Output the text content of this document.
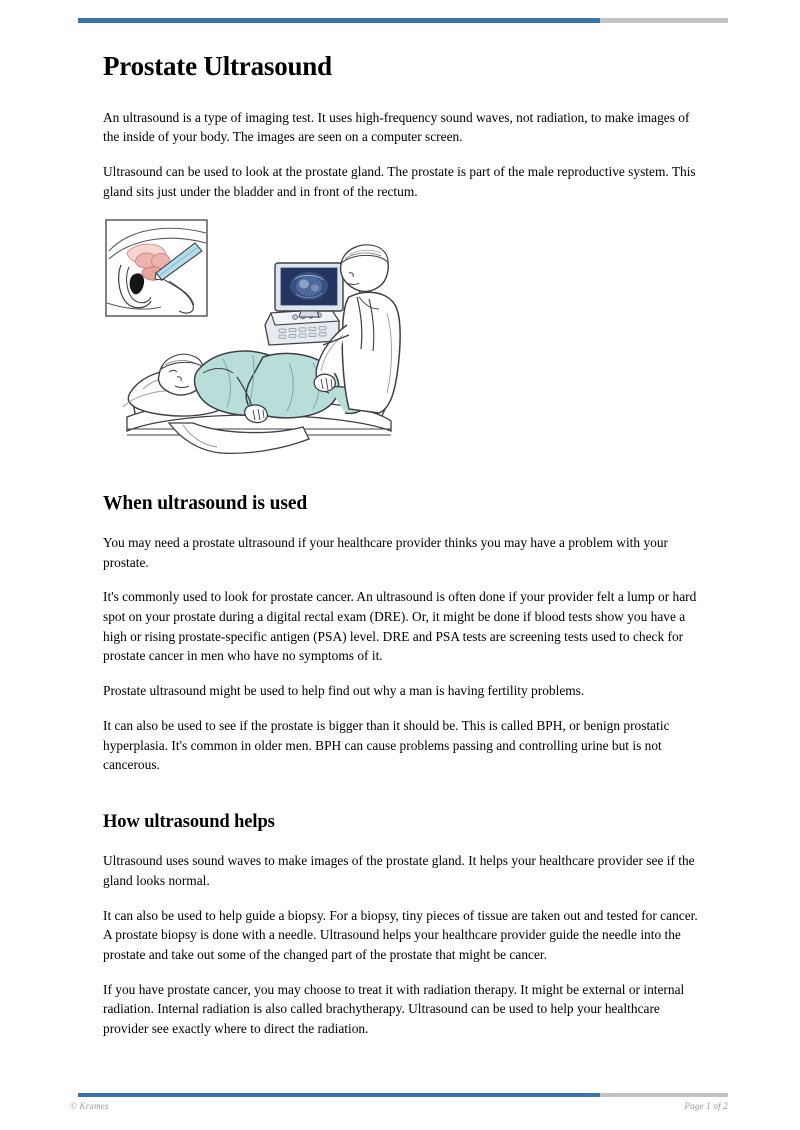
Prostate Ultrasound

An ultrasound is a type of imaging test. It uses high-frequency sound waves, not radiation, to make images of the inside of your body. The images are seen on a computer screen.

Ultrasound can be used to look at the prostate gland. The prostate is part of the male reproductive system. This gland sits just under the bladder and in front of the rectum.

When ultrasound is used

You may need a prostate ultrasound if your healthcare provider thinks you may have a problem with your prostate.

It's commonly used to look for prostate cancer. An ultrasound is often done if your provider felt a lump or hard spot on your prostate during a digital rectal exam (DRE). Or, it might be done if blood tests show you have a high or rising prostate-specific antigen (PSA) level. DRE and PSA tests are screening tests used to check for prostate cancer in men who have no symptoms of it.

Prostate ultrasound might be used to help find out why a man is having fertility problems.

It can also be used to see if the prostate is bigger than it should be. This is called BPH, or benign prostatic hyperplasia. It's common in older men. BPH can cause problems passing and controlling urine but is not cancerous.

How ultrasound helps

Ultrasound uses sound waves to make images of the prostate gland. It helps your healthcare provider see if the gland looks normal.

It can also be used to help guide a biopsy. For a biopsy, tiny pieces of tissue are taken out and tested for cancer. A prostate biopsy is done with a needle. Ultrasound helps your healthcare provider guide the needle into the prostate and take out some of the changed part of the prostate that might be cancer.

If you have prostate cancer, you may choose to treat it with radiation therapy. It might be external or internal radiation. Internal radiation is also called brachytherapy. Ultrasound can be used to help your healthcare provider see exactly where to direct the radiation.

© Krames	Page 1 of 2
